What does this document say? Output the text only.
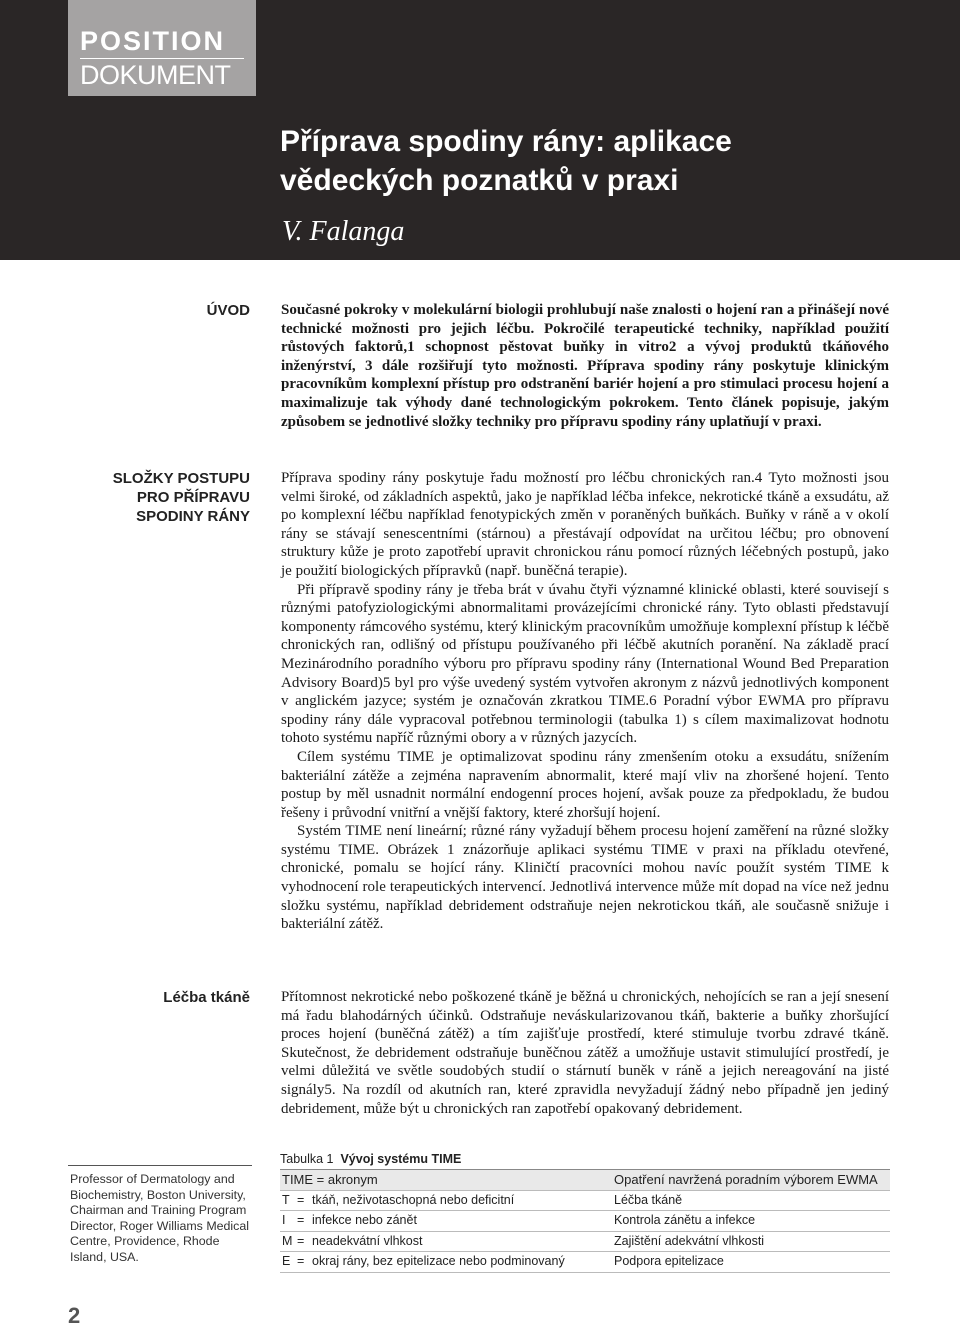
POSITION
DOKUMENT
Příprava spodiny rány: aplikace
vědeckých poznatků v praxi
V. Falanga
ÚVOD
SLOŽKY POSTUPU
PRO PŘÍPRAVU
SPODINY RÁNY
Léčba tkáně

Současné pokroky v molekulární biologii prohlubují naše znalosti o hojení ran a přinášejí nové technické možnosti pro jejich léčbu. Pokročilé terapeutické techniky, například použití růstových faktorů,1 schopnost pěstovat buňky in vitro2 a vývoj produktů tkáňového inženýrství, 3 dále rozšiřují tyto možnosti. Příprava spodiny rány poskytuje klinickým pracovníkům komplexní přístup pro odstranění bariér hojení a pro stimulaci procesu hojení a maximalizuje tak výhody dané technologickým pokrokem. Tento článek popisuje, jakým způsobem se jednotlivé složky techniky pro přípravu spodiny rány uplatňují v praxi.

Příprava spodiny rány poskytuje řadu možností pro léčbu chronických ran.4 Tyto možnosti jsou velmi široké, od základních aspektů, jako je například léčba infekce, nekrotické tkáně a exsudátu, až po komplexní léčbu například fenotypických změn v poraněných buňkách. Buňky v ráně a v okolí rány se stávají senescentními (stárnou) a přestávají odpovídat na určitou léčbu; pro obnovení struktury kůže je proto zapotřebí upravit chronickou ránu pomocí různých léčebných postupů, jako je použití biologických přípravků (např. buněčná terapie).

Při přípravě spodiny rány je třeba brát v úvahu čtyři významné klinické oblasti, které souvisejí s různými patofyziologickými abnormalitami provázejícími chronické rány. Tyto oblasti představují komponenty rámcového systému, který klinickým pracovníkům umožňuje komplexní přístup k léčbě chronických ran, odlišný od přístupu používaného při léčbě akutních poranění. Na základě prací Mezinárodního poradního výboru pro přípravu spodiny rány (International Wound Bed Preparation Advisory Board)5 byl pro výše uvedený systém vytvořen akronym z názvů jednotlivých komponent v anglickém jazyce; systém je označován zkratkou TIME.6 Poradní výbor EWMA pro přípravu spodiny rány dále vypracoval potřebnou terminologii (tabulka 1) s cílem maximalizovat hodnotu tohoto systému napříč různými obory a v různých jazycích.

Cílem systému TIME je optimalizovat spodinu rány zmenšením otoku a exsudátu, snížením bakteriální zátěže a zejména napravením abnormalit, které mají vliv na zhoršené hojení. Tento postup by měl usnadnit normální endogenní proces hojení, avšak pouze za předpokladu, že budou řešeny i průvodní vnitřní a vnější faktory, které zhoršují hojení.

Systém TIME není lineární; různé rány vyžadují během procesu hojení zaměření na různé složky systému TIME. Obrázek 1 znázorňuje aplikaci systému TIME v praxi na příkladu otevřené, chronické, pomalu se hojící rány. Kliničtí pracovníci mohou navíc použít systém TIME k vyhodnocení role terapeutických intervencí. Jednotlivá intervence může mít dopad na více než jednu složku systému, například debridement odstraňuje nejen nekrotickou tkáň, ale současně snižuje i bakteriální zátěž.

Přítomnost nekrotické nebo poškozené tkáně je běžná u chronických, nehojících se ran a její snesení má řadu blahodárných účinků. Odstraňuje neváskularizovanou tkáň, bakterie a buňky zhoršující proces hojení (buněčná zátěž) a tím zajišťuje prostředí, které stimuluje tvorbu zdravé tkáně. Skutečnost, že debridement odstraňuje buněčnou zátěž a umožňuje ustavit stimulující prostředí, je velmi důležitá ve světle soudobých studií o stárnutí buněk v ráně a jejich nereagování na jisté signály5. Na rozdíl od akutních ran, které zpravidla nevyžadují žádný nebo případně jen jediný debridement, může být u chronických ran zapotřebí opakovaný debridement.

Professor of Dermatology and Biochemistry, Boston University, Chairman and Training Program Director, Roger Williams Medical Centre, Providence, Rhode Island, USA.
2
Tabulka 1 Vývoj systému TIME
TIME = akronym	Opatření navržená poradním výborem EWMA
T = tkáň, neživotaschopná nebo deficitní	Léčba tkáně
I = infekce nebo zánět	Kontrola zánětu a infekce
M = neadekvátní vlhkost	Zajištění adekvátní vlhkosti
E = okraj rány, bez epitelizace nebo podminovaný	Podpora epitelizace
